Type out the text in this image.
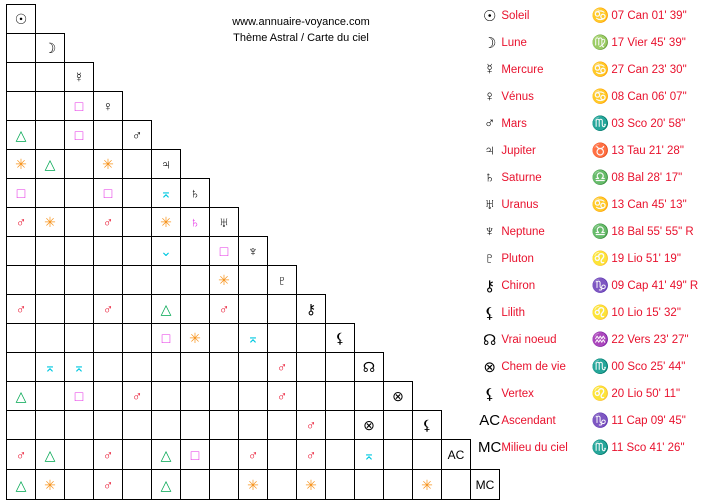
www.annuaire-voyance.com
Thème Astral / Carte du ciel
☉																
	☽															
		☿														
		□	♀													
△		□		♂												
✳	△		✳		♃											
□			□		⌅	♄										
♂	✳		♂		✳	♄	♅									
					⌄		□	♆								
							✳		♇							
♂			♂		△		♂			⚷						
					□	✳		⌅			⚸					
	⌅	⌅							♂			☊				
△		□		♂					♂				⊗			
										♂		⊗		⚸		
♂	△		♂		△	□		♂		♂		⌅			AC	
△	✳		♂		△			✳		✳				✳		MC
☉	Soleil	♋	07 Can 01' 39"
☽	Lune	♍	17 Vier 45' 39"
☿	Mercure	♋	27 Can 23' 30"
♀	Vénus	♋	08 Can 06' 07"
♂	Mars	♏	03 Sco 20' 58"
♃	Jupiter	♉	13 Tau 21' 28"
♄	Saturne	♎	08 Bal 28' 17"
♅	Uranus	♋	13 Can 45' 13"
♆	Neptune	♎	18 Bal 55' 55" R
♇	Pluton	♌	19 Lio 51' 19"
⚷	Chiron	♑	09 Cap 41' 49" R
⚸	Lilith	♌	10 Lio 15' 32"
☊	Vrai noeud	♒	22 Vers 23' 27"
⊗	Chem de vie	♏	00 Sco 25' 44"
⚸	Vertex	♌	20 Lio 50' 11"
AC	Ascendant	♑	11 Cap 09' 45"
MC	Milieu du ciel	♏	11 Sco 41' 26"
